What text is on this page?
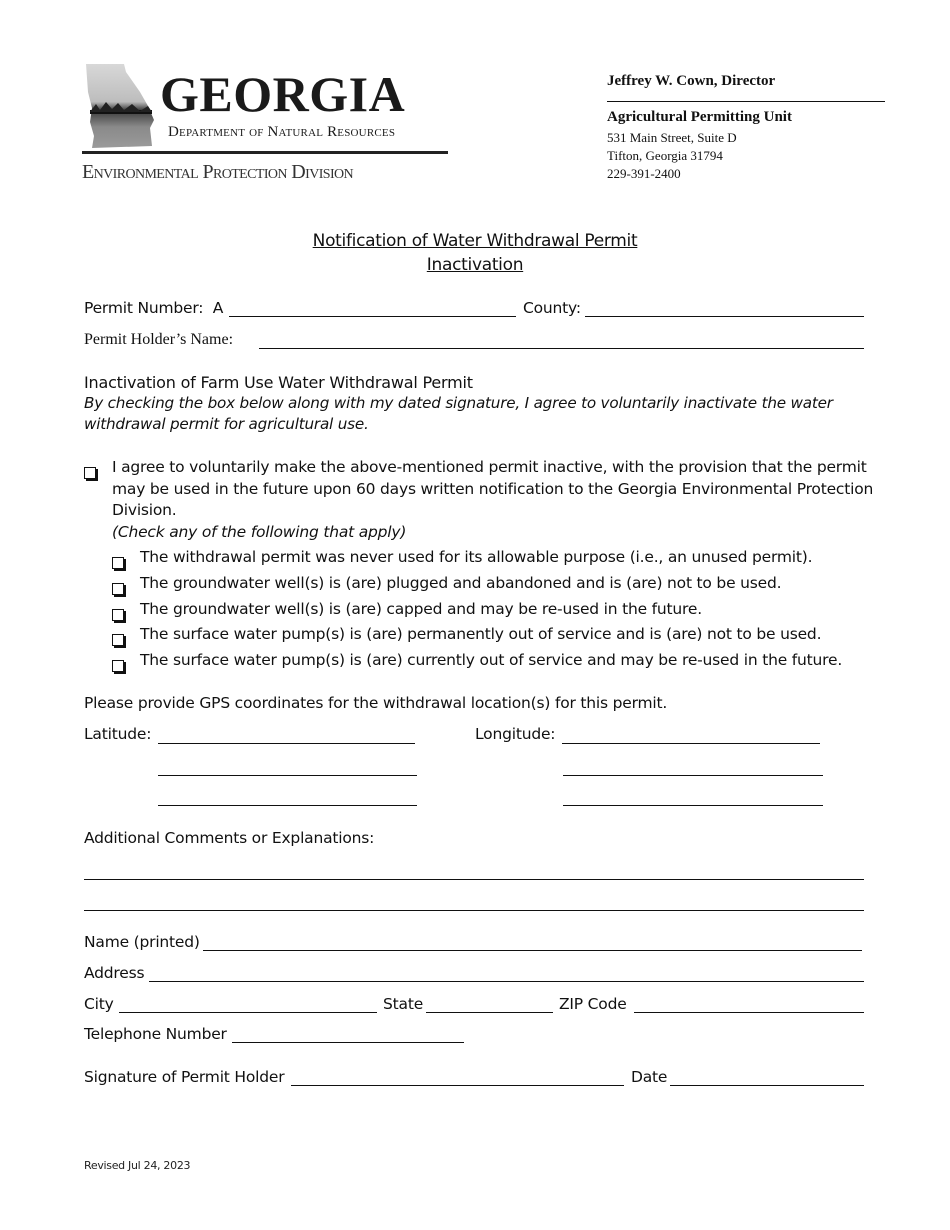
GEORGIA
Department of Natural Resources
Environmental Protection Division
Jeffrey W. Cown, Director
Agricultural Permitting Unit
531 Main Street, Suite D
Tifton, Georgia 31794
229-391-2400
Notification of Water Withdrawal Permit
Inactivation
Permit Number: A	County:
Permit Holder’s Name:
Inactivation of Farm Use Water Withdrawal Permit
By checking the box below along with my dated signature, I agree to voluntarily inactivate the water
withdrawal permit for agricultural use.
I agree to voluntarily make the above-mentioned permit inactive, with the provision that the permit
may be used in the future upon 60 days written notification to the Georgia Environmental Protection
Division.
(Check any of the following that apply)
The withdrawal permit was never used for its allowable purpose (i.e., an unused permit).
The groundwater well(s) is (are) plugged and abandoned and is (are) not to be used.
The groundwater well(s) is (are) capped and may be re-used in the future.
The surface water pump(s) is (are) permanently out of service and is (are) not to be used.
The surface water pump(s) is (are) currently out of service and may be re-used in the future.
Please provide GPS coordinates for the withdrawal location(s) for this permit.
Latitude:	Longitude:
Additional Comments or Explanations:
Name (printed)
Address
City	State	ZIP Code
Telephone Number
Signature of Permit Holder	Date
Revised Jul 24, 2023
